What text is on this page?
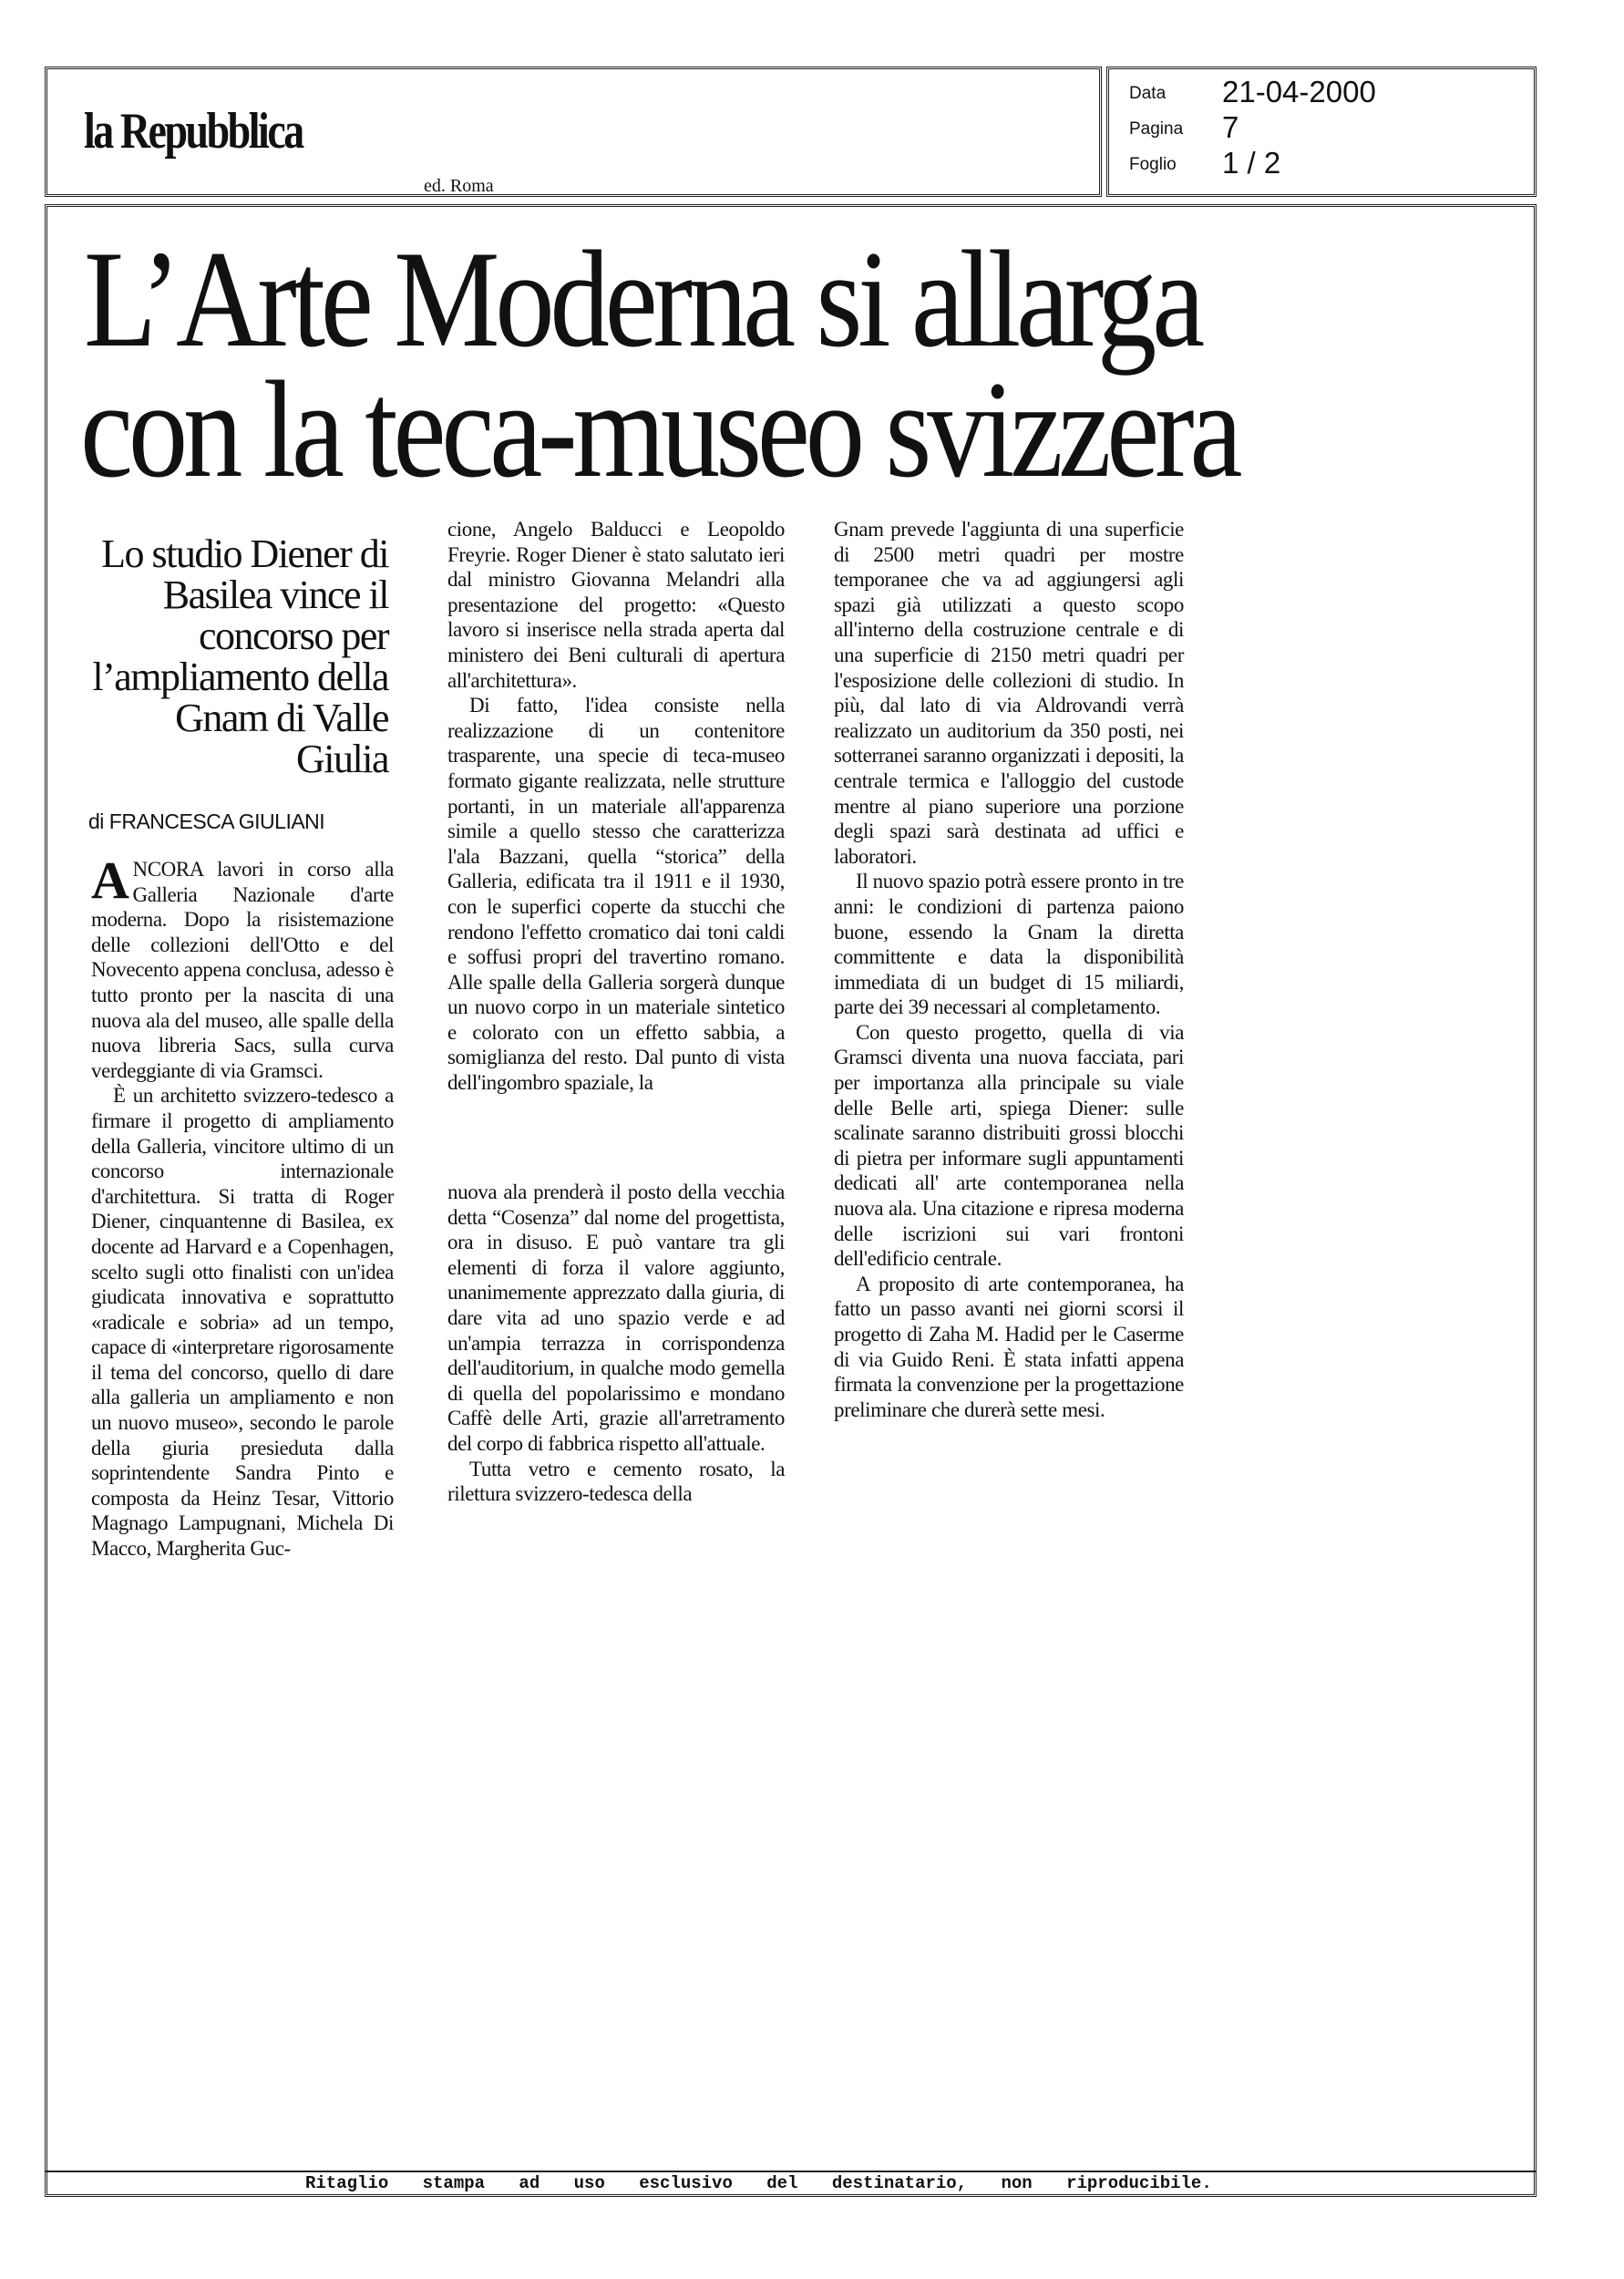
la Repubblica
ed. Roma
Data 21-04-2000
Pagina 7
Foglio 1 / 2
L’Arte Moderna si allarga
con la teca-museo svizzera
Lo studio Diener di Basilea vince il concorso per l’ampliamento della Gnam di Valle Giulia
di FRANCESCA GIULIANI

ANCORA lavori in corso alla Galleria Nazionale d'arte moderna. Dopo la risistemazione delle collezioni dell'Otto e del Novecento appena conclusa, adesso è tutto pronto per la nascita di una nuova ala del museo, alle spalle della nuova libreria Sacs, sulla curva verdeggiante di via Gramsci.

È un architetto svizzero-tedesco a firmare il progetto di ampliamento della Galleria, vincitore ultimo di un concorso internazionale d'architettura. Si tratta di Roger Diener, cinquantenne di Basilea, ex docente ad Harvard e a Copenhagen, scelto sugli otto finalisti con un'idea giudicata innovativa e soprattutto «radicale e sobria» ad un tempo, capace di «interpretare rigorosamente il tema del concorso, quello di dare alla galleria un ampliamento e non un nuovo museo», secondo le parole della giuria presieduta dalla soprintendente Sandra Pinto e composta da Heinz Tesar, Vittorio Magnago Lampugnani, Michela Di Macco, Margherita Guc-

cione, Angelo Balducci e Leopoldo Freyrie. Roger Diener è stato salutato ieri dal ministro Giovanna Melandri alla presentazione del progetto: «Questo lavoro si inserisce nella strada aperta dal ministero dei Beni culturali di apertura all'architettura».

Di fatto, l'idea consiste nella realizzazione di un contenitore trasparente, una specie di teca-museo formato gigante realizzata, nelle strutture portanti, in un materiale all'apparenza simile a quello stesso che caratterizza l'ala Bazzani, quella “storica” della Galleria, edificata tra il 1911 e il 1930, con le superfici coperte da stucchi che rendono l'effetto cromatico dai toni caldi e soffusi propri del travertino romano. Alle spalle della Galleria sorgerà dunque un nuovo corpo in un materiale sintetico e colorato con un effetto sabbia, a somiglianza del resto. Dal punto di vista dell'ingombro spaziale, la

nuova ala prenderà il posto della vecchia detta “Cosenza” dal nome del progettista, ora in disuso. E può vantare tra gli elementi di forza il valore aggiunto, unanimemente apprezzato dalla giuria, di dare vita ad uno spazio verde e ad un'ampia terrazza in corrispondenza dell'auditorium, in qualche modo gemella di quella del popolarissimo e mondano Caffè delle Arti, grazie all'arretramento del corpo di fabbrica rispetto all'attuale.

Tutta vetro e cemento rosato, la rilettura svizzero-tedesca della

Gnam prevede l'aggiunta di una superficie di 2500 metri quadri per mostre temporanee che va ad aggiungersi agli spazi già utilizzati a questo scopo all'interno della costruzione centrale e di una superficie di 2150 metri quadri per l'esposizione delle collezioni di studio. In più, dal lato di via Aldrovandi verrà realizzato un auditorium da 350 posti, nei sotterranei saranno organizzati i depositi, la centrale termica e l'alloggio del custode mentre al piano superiore una porzione degli spazi sarà destinata ad uffici e laboratori.

Il nuovo spazio potrà essere pronto in tre anni: le condizioni di partenza paiono buone, essendo la Gnam la diretta committente e data la disponibilità immediata di un budget di 15 miliardi, parte dei 39 necessari al completamento.

Con questo progetto, quella di via Gramsci diventa una nuova facciata, pari per importanza alla principale su viale delle Belle arti, spiega Diener: sulle scalinate saranno distribuiti grossi blocchi di pietra per informare sugli appuntamenti dedicati all' arte contemporanea nella nuova ala. Una citazione e ripresa moderna delle iscrizioni sui vari frontoni dell'edificio centrale.

A proposito di arte contemporanea, ha fatto un passo avanti nei giorni scorsi il progetto di Zaha M. Hadid per le Caserme di via Guido Reni. È stata infatti appena firmata la convenzione per la progettazione preliminare che durerà sette mesi.

Ritaglio stampa ad uso esclusivo del destinatario, non riproducibile.
